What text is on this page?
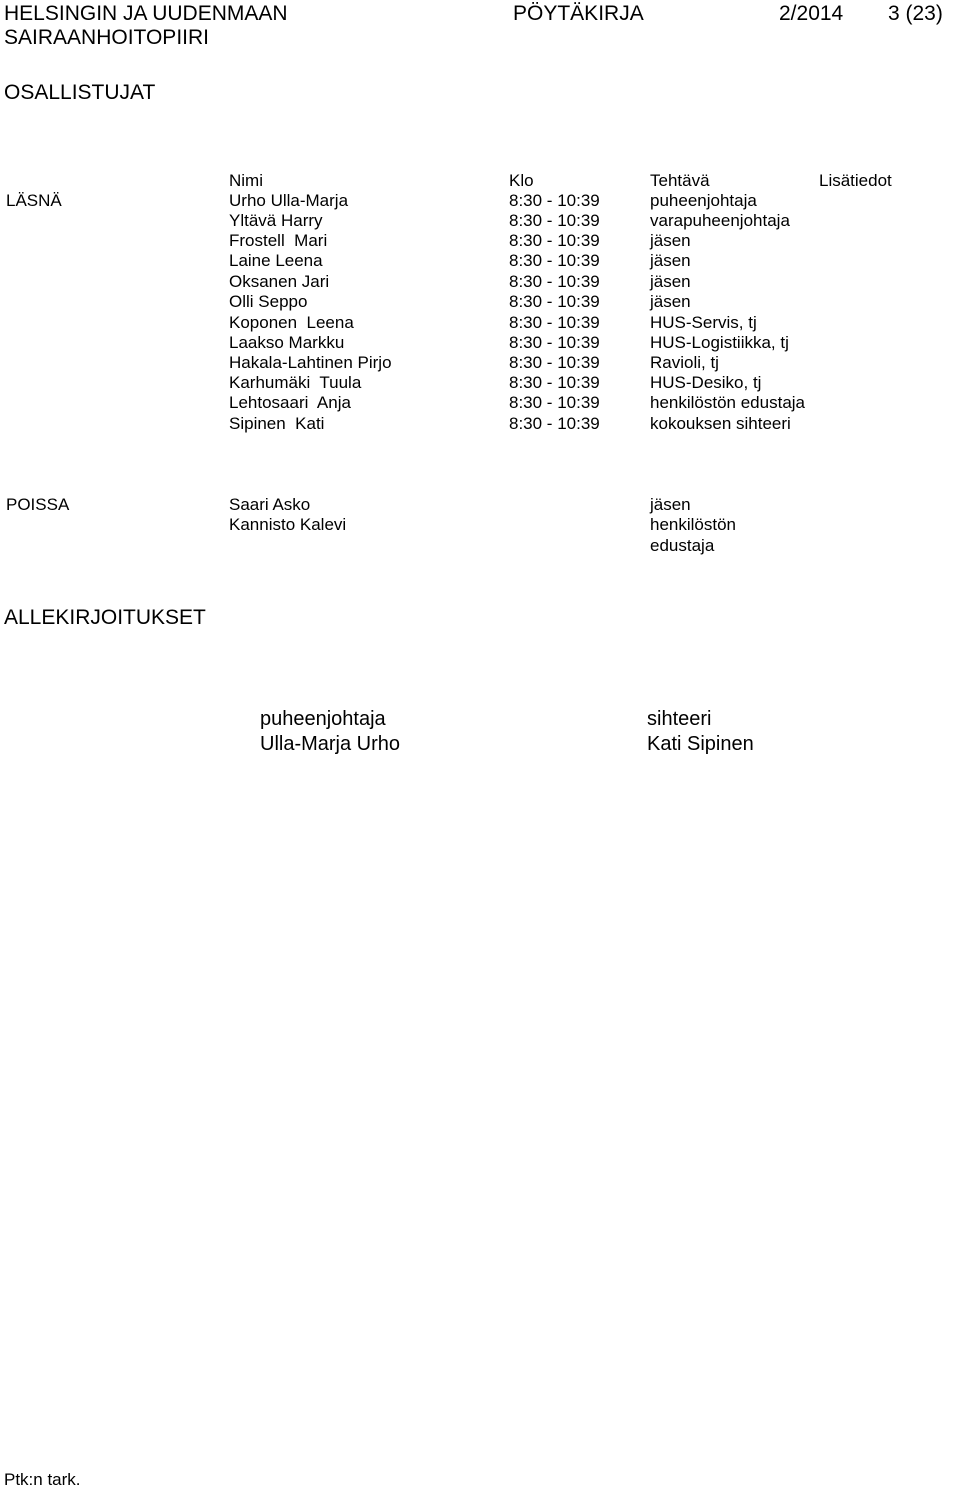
HELSINGIN JA UUDENMAAN
SAIRAANHOITOPIIRI
PÖYTÄKIRJA	2/2014 3 (23)
OSALLISTUJAT
Nimi	Klo	Tehtävä	Lisätiedot
LÄSNÄ	Urho Ulla-Marja	8:30 - 10:39	puheenjohtaja
Yltävä Harry	8:30 - 10:39	varapuheenjohtaja
Frostell  Mari	8:30 - 10:39	jäsen
Laine Leena	8:30 - 10:39	jäsen
Oksanen Jari	8:30 - 10:39	jäsen
Olli Seppo	8:30 - 10:39	jäsen
Koponen  Leena	8:30 - 10:39	HUS-Servis, tj
Laakso Markku	8:30 - 10:39	HUS-Logistiikka, tj
Hakala-Lahtinen Pirjo	8:30 - 10:39	Ravioli, tj
Karhumäki  Tuula	8:30 - 10:39	HUS-Desiko, tj
Lehtosaari  Anja	8:30 - 10:39	henkilöstön edustaja
Sipinen  Kati	8:30 - 10:39	kokouksen sihteeri
POISSA	Saari Asko	jäsen
Kannisto Kalevi	henkilöstön
edustaja
ALLEKIRJOITUKSET
puheenjohtaja
Ulla-Marja Urho
sihteeri
Kati Sipinen
Ptk:n tark.
